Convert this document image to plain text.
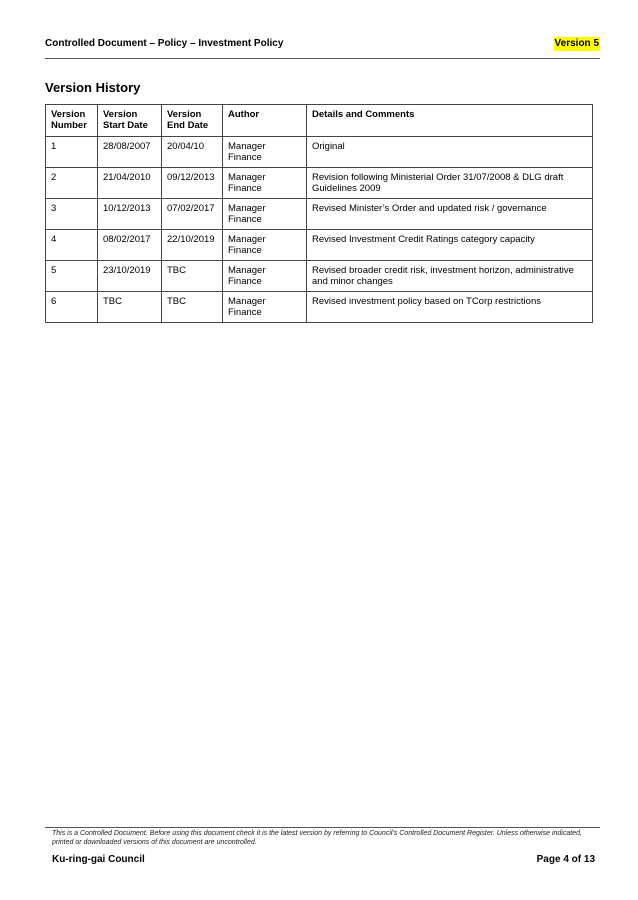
Controlled Document – Policy – Investment Policy	Version 5
Version History
Version Number	Version Start Date	Version End Date	Author	Details and Comments
1	28/08/2007	20/04/10	Manager Finance	Original
2	21/04/2010	09/12/2013	Manager Finance	Revision following Ministerial Order 31/07/2008 & DLG draft Guidelines 2009
3	10/12/2013	07/02/2017	Manager Finance	Revised Minister’s Order and updated risk / governance
4	08/02/2017	22/10/2019	Manager Finance	Revised Investment Credit Ratings category capacity
5	23/10/2019	TBC	Manager Finance	Revised broader credit risk, investment horizon, administrative and minor changes
6	TBC	TBC	Manager Finance	Revised investment policy based on TCorp restrictions
This is a Controlled Document. Before using this document check it is the latest version by referring to Council’s Controlled Document Register. Unless otherwise indicated, printed or downloaded versions of this document are uncontrolled.
Ku-ring-gai Council	Page 4 of 13
